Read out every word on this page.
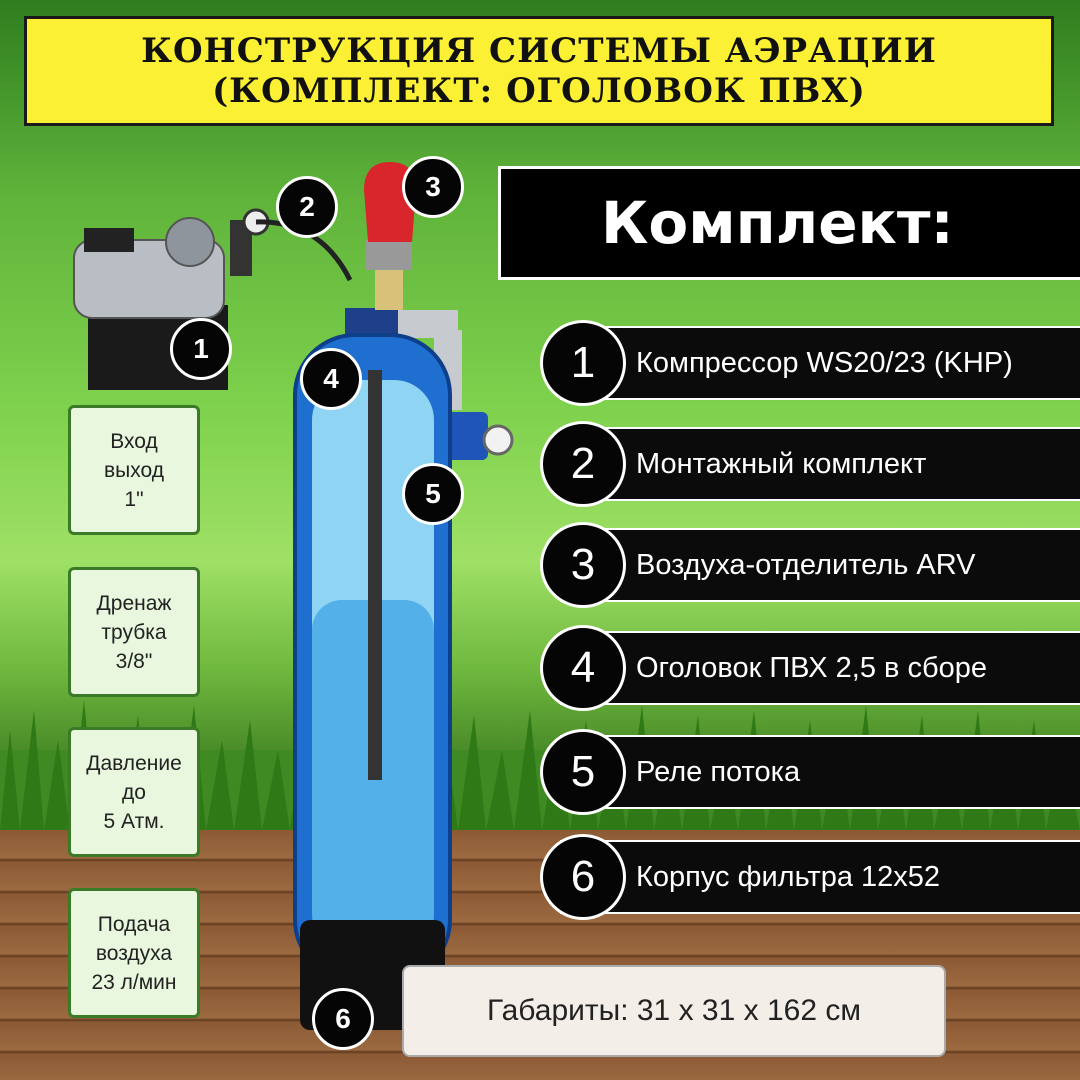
КОНСТРУКЦИЯ СИСТЕМЫ АЭРАЦИИ
(КОМПЛЕКТ: ОГОЛОВОК ПВХ)
1
2
3
4
5
6
Вход
выход
1"
Дренаж
трубка
3/8"
Давление
до
5 Атм.
Подача
воздуха
23 л/мин
Комплект:
Компрессор WS20/23 (KHP)
1
Монтажный комплект
2
Воздуха-отделитель ARV
3
Оголовок ПВХ 2,5 в сборе
4
Реле потока
5
Корпус фильтра 12x52
6
Габариты: 31 x 31 x 162 см
